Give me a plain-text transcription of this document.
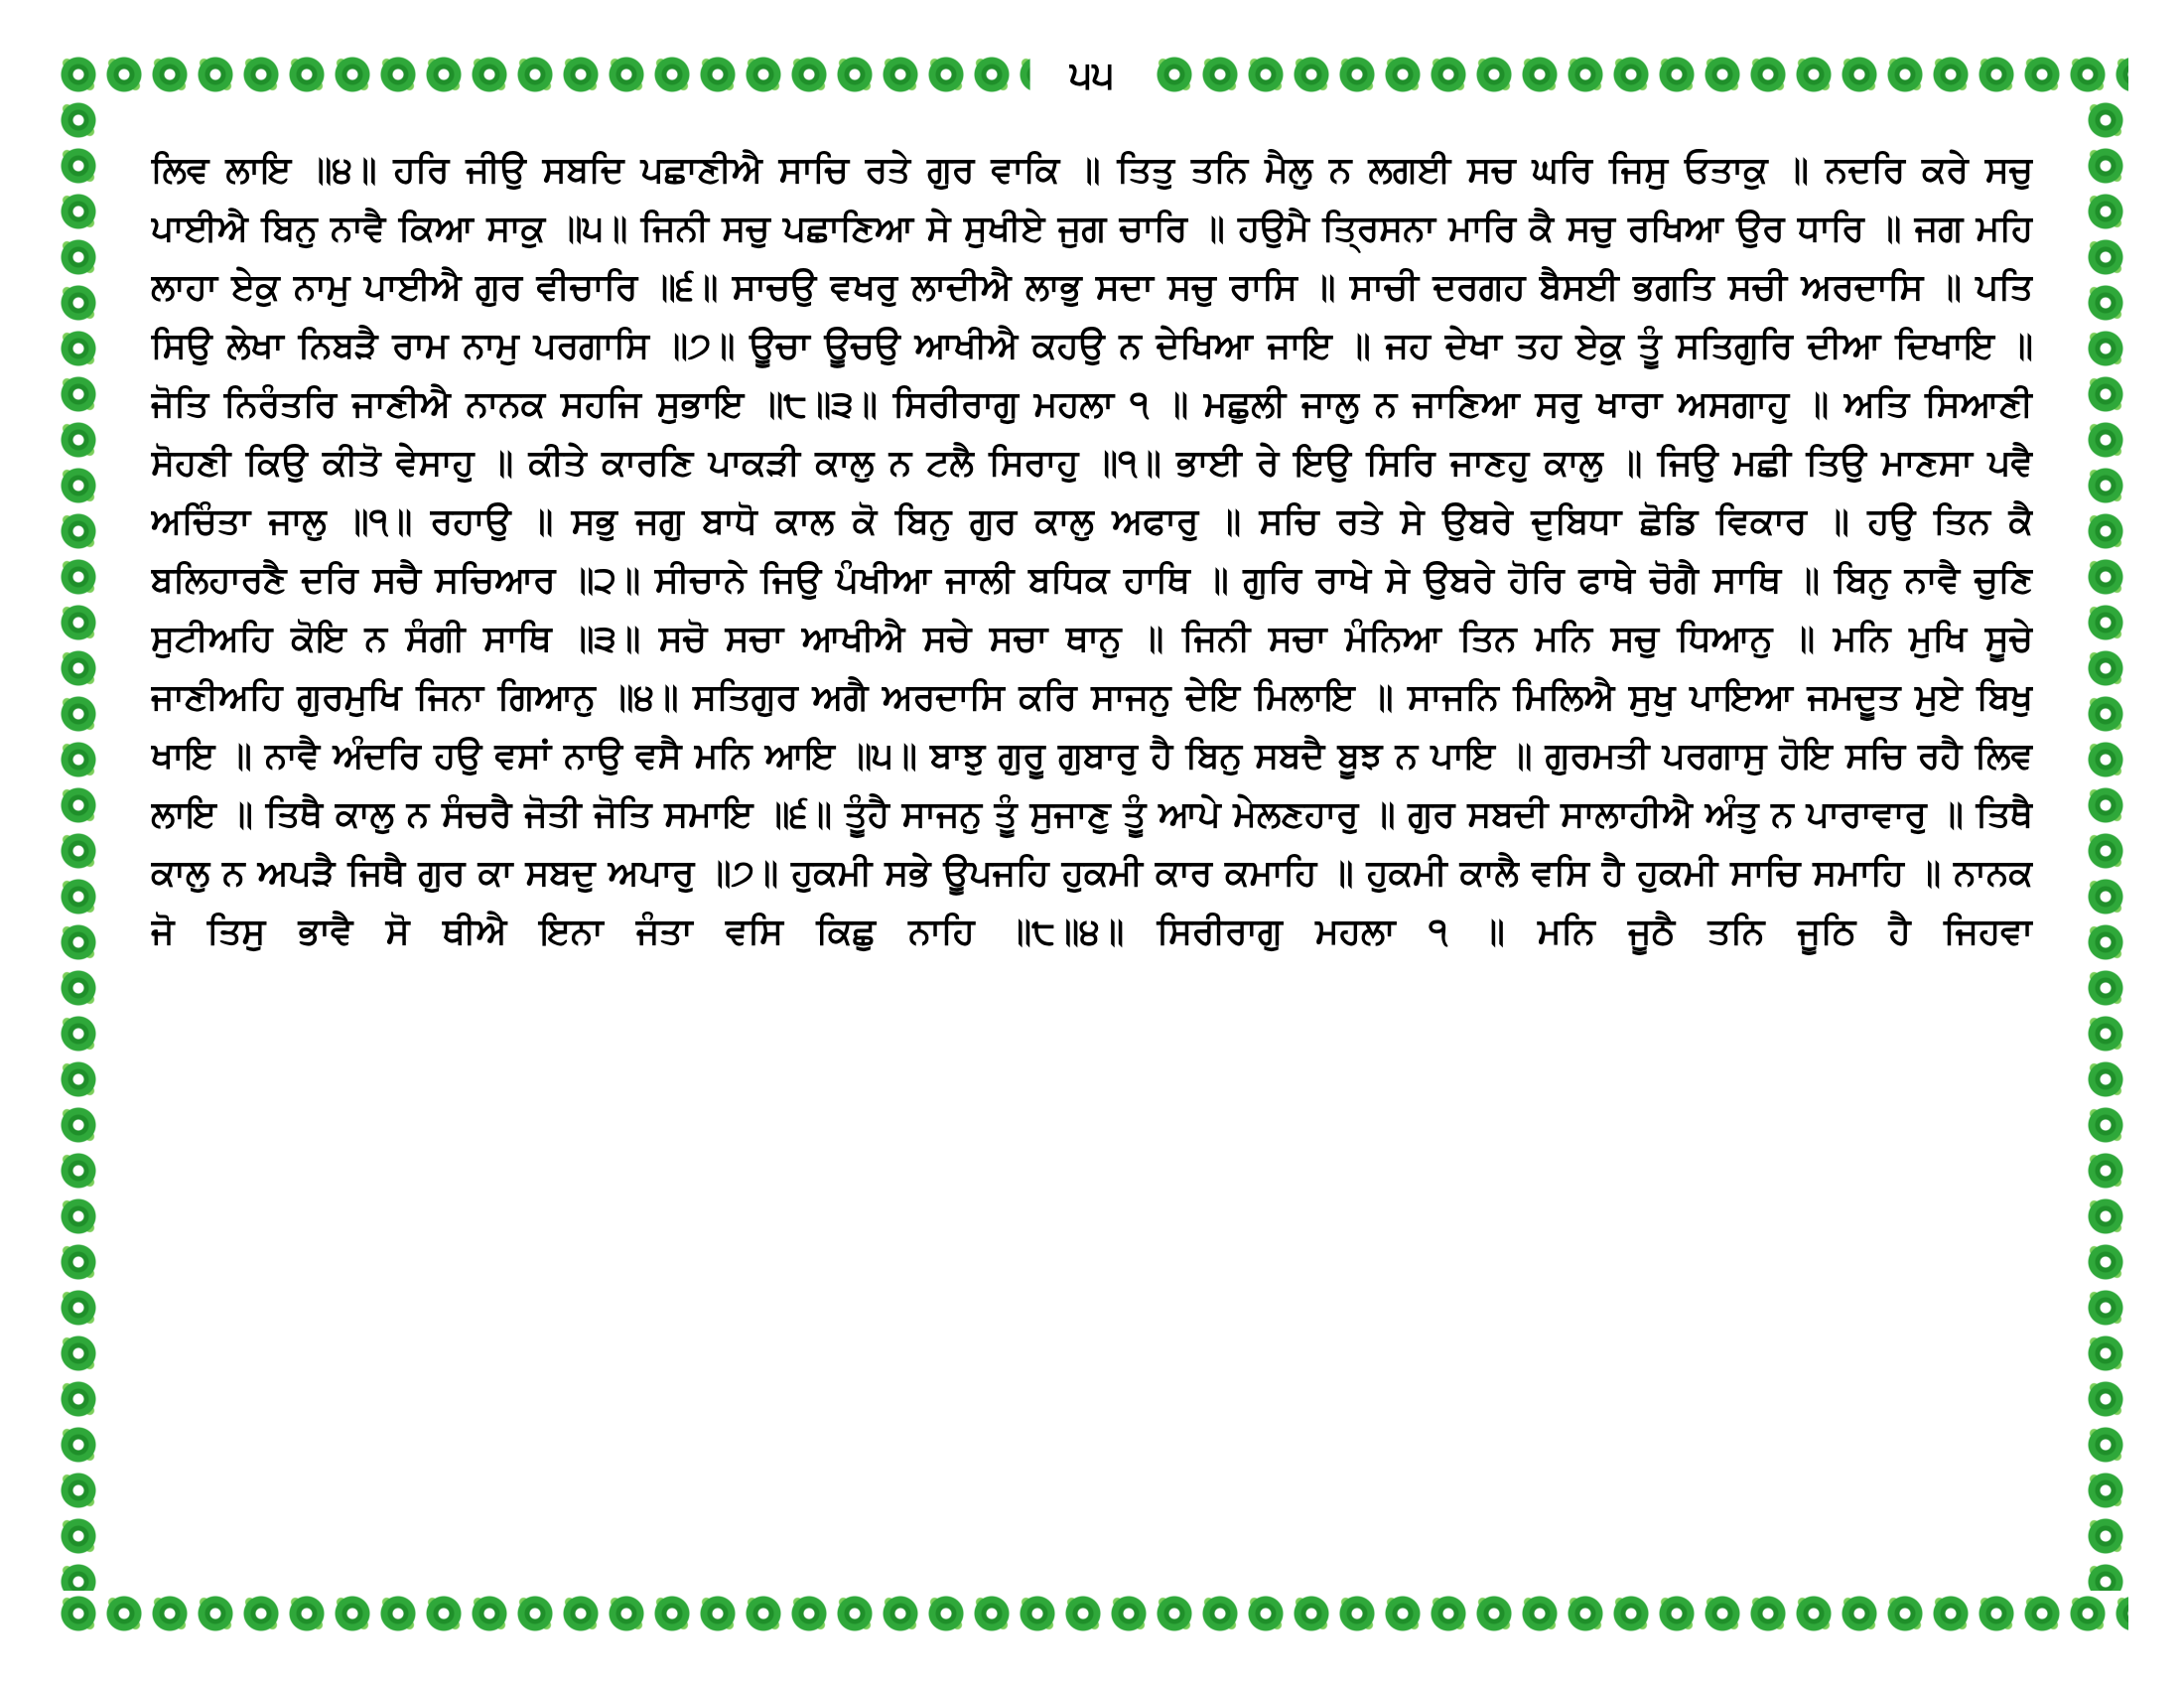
੫੫

ਲਿਵ ਲਾਇ ॥੪॥ ਹਰਿ ਜੀਉ ਸਬਦਿ ਪਛਾਣੀਐ ਸਾਚਿ ਰਤੇ ਗੁਰ ਵਾਕਿ ॥ ਤਿਤੁ ਤਨਿ ਮੈਲੁ ਨ ਲਗਈ ਸਚ ਘਰਿ ਜਿਸੁ ਓਤਾਕੁ ॥ ਨਦਰਿ ਕਰੇ ਸਚੁ ਪਾਈਐ ਬਿਨੁ ਨਾਵੈ ਕਿਆ ਸਾਕੁ ॥੫॥ ਜਿਨੀ ਸਚੁ ਪਛਾਣਿਆ ਸੇ ਸੁਖੀਏ ਜੁਗ ਚਾਰਿ ॥ ਹਉਮੈ ਤ੍ਰਿਸਨਾ ਮਾਰਿ ਕੈ ਸਚੁ ਰਖਿਆ ਉਰ ਧਾਰਿ ॥ ਜਗ ਮਹਿ ਲਾਹਾ ਏਕੁ ਨਾਮੁ ਪਾਈਐ ਗੁਰ ਵੀਚਾਰਿ ॥੬॥ ਸਾਚਉ ਵਖਰੁ ਲਾਦੀਐ ਲਾਭੁ ਸਦਾ ਸਚੁ ਰਾਸਿ ॥ ਸਾਚੀ ਦਰਗਹ ਬੈਸਈ ਭਗਤਿ ਸਚੀ ਅਰਦਾਸਿ ॥ ਪਤਿ ਸਿਉ ਲੇਖਾ ਨਿਬੜੈ ਰਾਮ ਨਾਮੁ ਪਰਗਾਸਿ ॥੭॥ ਊਚਾ ਊਚਉ ਆਖੀਐ ਕਹਉ ਨ ਦੇਖਿਆ ਜਾਇ ॥ ਜਹ ਦੇਖਾ ਤਹ ਏਕੁ ਤੂੰ ਸਤਿਗੁਰਿ ਦੀਆ ਦਿਖਾਇ ॥ ਜੋਤਿ ਨਿਰੰਤਰਿ ਜਾਣੀਐ ਨਾਨਕ ਸਹਜਿ ਸੁਭਾਇ ॥੮॥੩॥ ਸਿਰੀਰਾਗੁ ਮਹਲਾ ੧ ॥ ਮਛੁਲੀ ਜਾਲੁ ਨ ਜਾਣਿਆ ਸਰੁ ਖਾਰਾ ਅਸਗਾਹੁ ॥ ਅਤਿ ਸਿਆਣੀ ਸੋਹਣੀ ਕਿਉ ਕੀਤੋ ਵੇਸਾਹੁ ॥ ਕੀਤੇ ਕਾਰਣਿ ਪਾਕੜੀ ਕਾਲੁ ਨ ਟਲੈ ਸਿਰਾਹੁ ॥੧॥ ਭਾਈ ਰੇ ਇਉ ਸਿਰਿ ਜਾਣਹੁ ਕਾਲੁ ॥ ਜਿਉ ਮਛੀ ਤਿਉ ਮਾਣਸਾ ਪਵੈ ਅਚਿੰਤਾ ਜਾਲੁ ॥੧॥ ਰਹਾਉ ॥ ਸਭੁ ਜਗੁ ਬਾਧੋ ਕਾਲ ਕੋ ਬਿਨੁ ਗੁਰ ਕਾਲੁ ਅਫਾਰੁ ॥ ਸਚਿ ਰਤੇ ਸੇ ਉਬਰੇ ਦੁਬਿਧਾ ਛੋਡਿ ਵਿਕਾਰ ॥ ਹਉ ਤਿਨ ਕੈ ਬਲਿਹਾਰਣੈ ਦਰਿ ਸਚੈ ਸਚਿਆਰ ॥੨॥ ਸੀਚਾਨੇ ਜਿਉ ਪੰਖੀਆ ਜਾਲੀ ਬਧਿਕ ਹਾਥਿ ॥ ਗੁਰਿ ਰਾਖੇ ਸੇ ਉਬਰੇ ਹੋਰਿ ਫਾਥੇ ਚੋਗੈ ਸਾਥਿ ॥ ਬਿਨੁ ਨਾਵੈ ਚੁਣਿ ਸੁਟੀਅਹਿ ਕੋਇ ਨ ਸੰਗੀ ਸਾਥਿ ॥੩॥ ਸਚੋ ਸਚਾ ਆਖੀਐ ਸਚੇ ਸਚਾ ਥਾਨੁ ॥ ਜਿਨੀ ਸਚਾ ਮੰਨਿਆ ਤਿਨ ਮਨਿ ਸਚੁ ਧਿਆਨੁ ॥ ਮਨਿ ਮੁਖਿ ਸੂਚੇ ਜਾਣੀਅਹਿ ਗੁਰਮੁਖਿ ਜਿਨਾ ਗਿਆਨੁ ॥੪॥ ਸਤਿਗੁਰ ਅਗੈ ਅਰਦਾਸਿ ਕਰਿ ਸਾਜਨੁ ਦੇਇ ਮਿਲਾਇ ॥ ਸਾਜਨਿ ਮਿਲਿਐ ਸੁਖੁ ਪਾਇਆ ਜਮਦੂਤ ਮੁਏ ਬਿਖੁ ਖਾਇ ॥ ਨਾਵੈ ਅੰਦਰਿ ਹਉ ਵਸਾਂ ਨਾਉ ਵਸੈ ਮਨਿ ਆਇ ॥੫॥ ਬਾਝੁ ਗੁਰੂ ਗੁਬਾਰੁ ਹੈ ਬਿਨੁ ਸਬਦੈ ਬੂਝ ਨ ਪਾਇ ॥ ਗੁਰਮਤੀ ਪਰਗਾਸੁ ਹੋਇ ਸਚਿ ਰਹੈ ਲਿਵ ਲਾਇ ॥ ਤਿਥੈ ਕਾਲੁ ਨ ਸੰਚਰੈ ਜੋਤੀ ਜੋਤਿ ਸਮਾਇ ॥੬॥ ਤੂੰਹੈ ਸਾਜਨੁ ਤੂੰ ਸੁਜਾਣੁ ਤੂੰ ਆਪੇ ਮੇਲਣਹਾਰੁ ॥ ਗੁਰ ਸਬਦੀ ਸਾਲਾਹੀਐ ਅੰਤੁ ਨ ਪਾਰਾਵਾਰੁ ॥ ਤਿਥੈ ਕਾਲੁ ਨ ਅਪੜੈ ਜਿਥੈ ਗੁਰ ਕਾ ਸਬਦੁ ਅਪਾਰੁ ॥੭॥ ਹੁਕਮੀ ਸਭੇ ਊਪਜਹਿ ਹੁਕਮੀ ਕਾਰ ਕਮਾਹਿ ॥ ਹੁਕਮੀ ਕਾਲੈ ਵਸਿ ਹੈ ਹੁਕਮੀ ਸਾਚਿ ਸਮਾਹਿ ॥ ਨਾਨਕ ਜੋ ਤਿਸੁ ਭਾਵੈ ਸੋ ਥੀਐ ਇਨਾ ਜੰਤਾ ਵਸਿ ਕਿਛੁ ਨਾਹਿ ॥੮॥੪॥ ਸਿਰੀਰਾਗੁ ਮਹਲਾ ੧ ॥ ਮਨਿ ਜੂਠੈ ਤਨਿ ਜੂਠਿ ਹੈ ਜਿਹਵਾ
